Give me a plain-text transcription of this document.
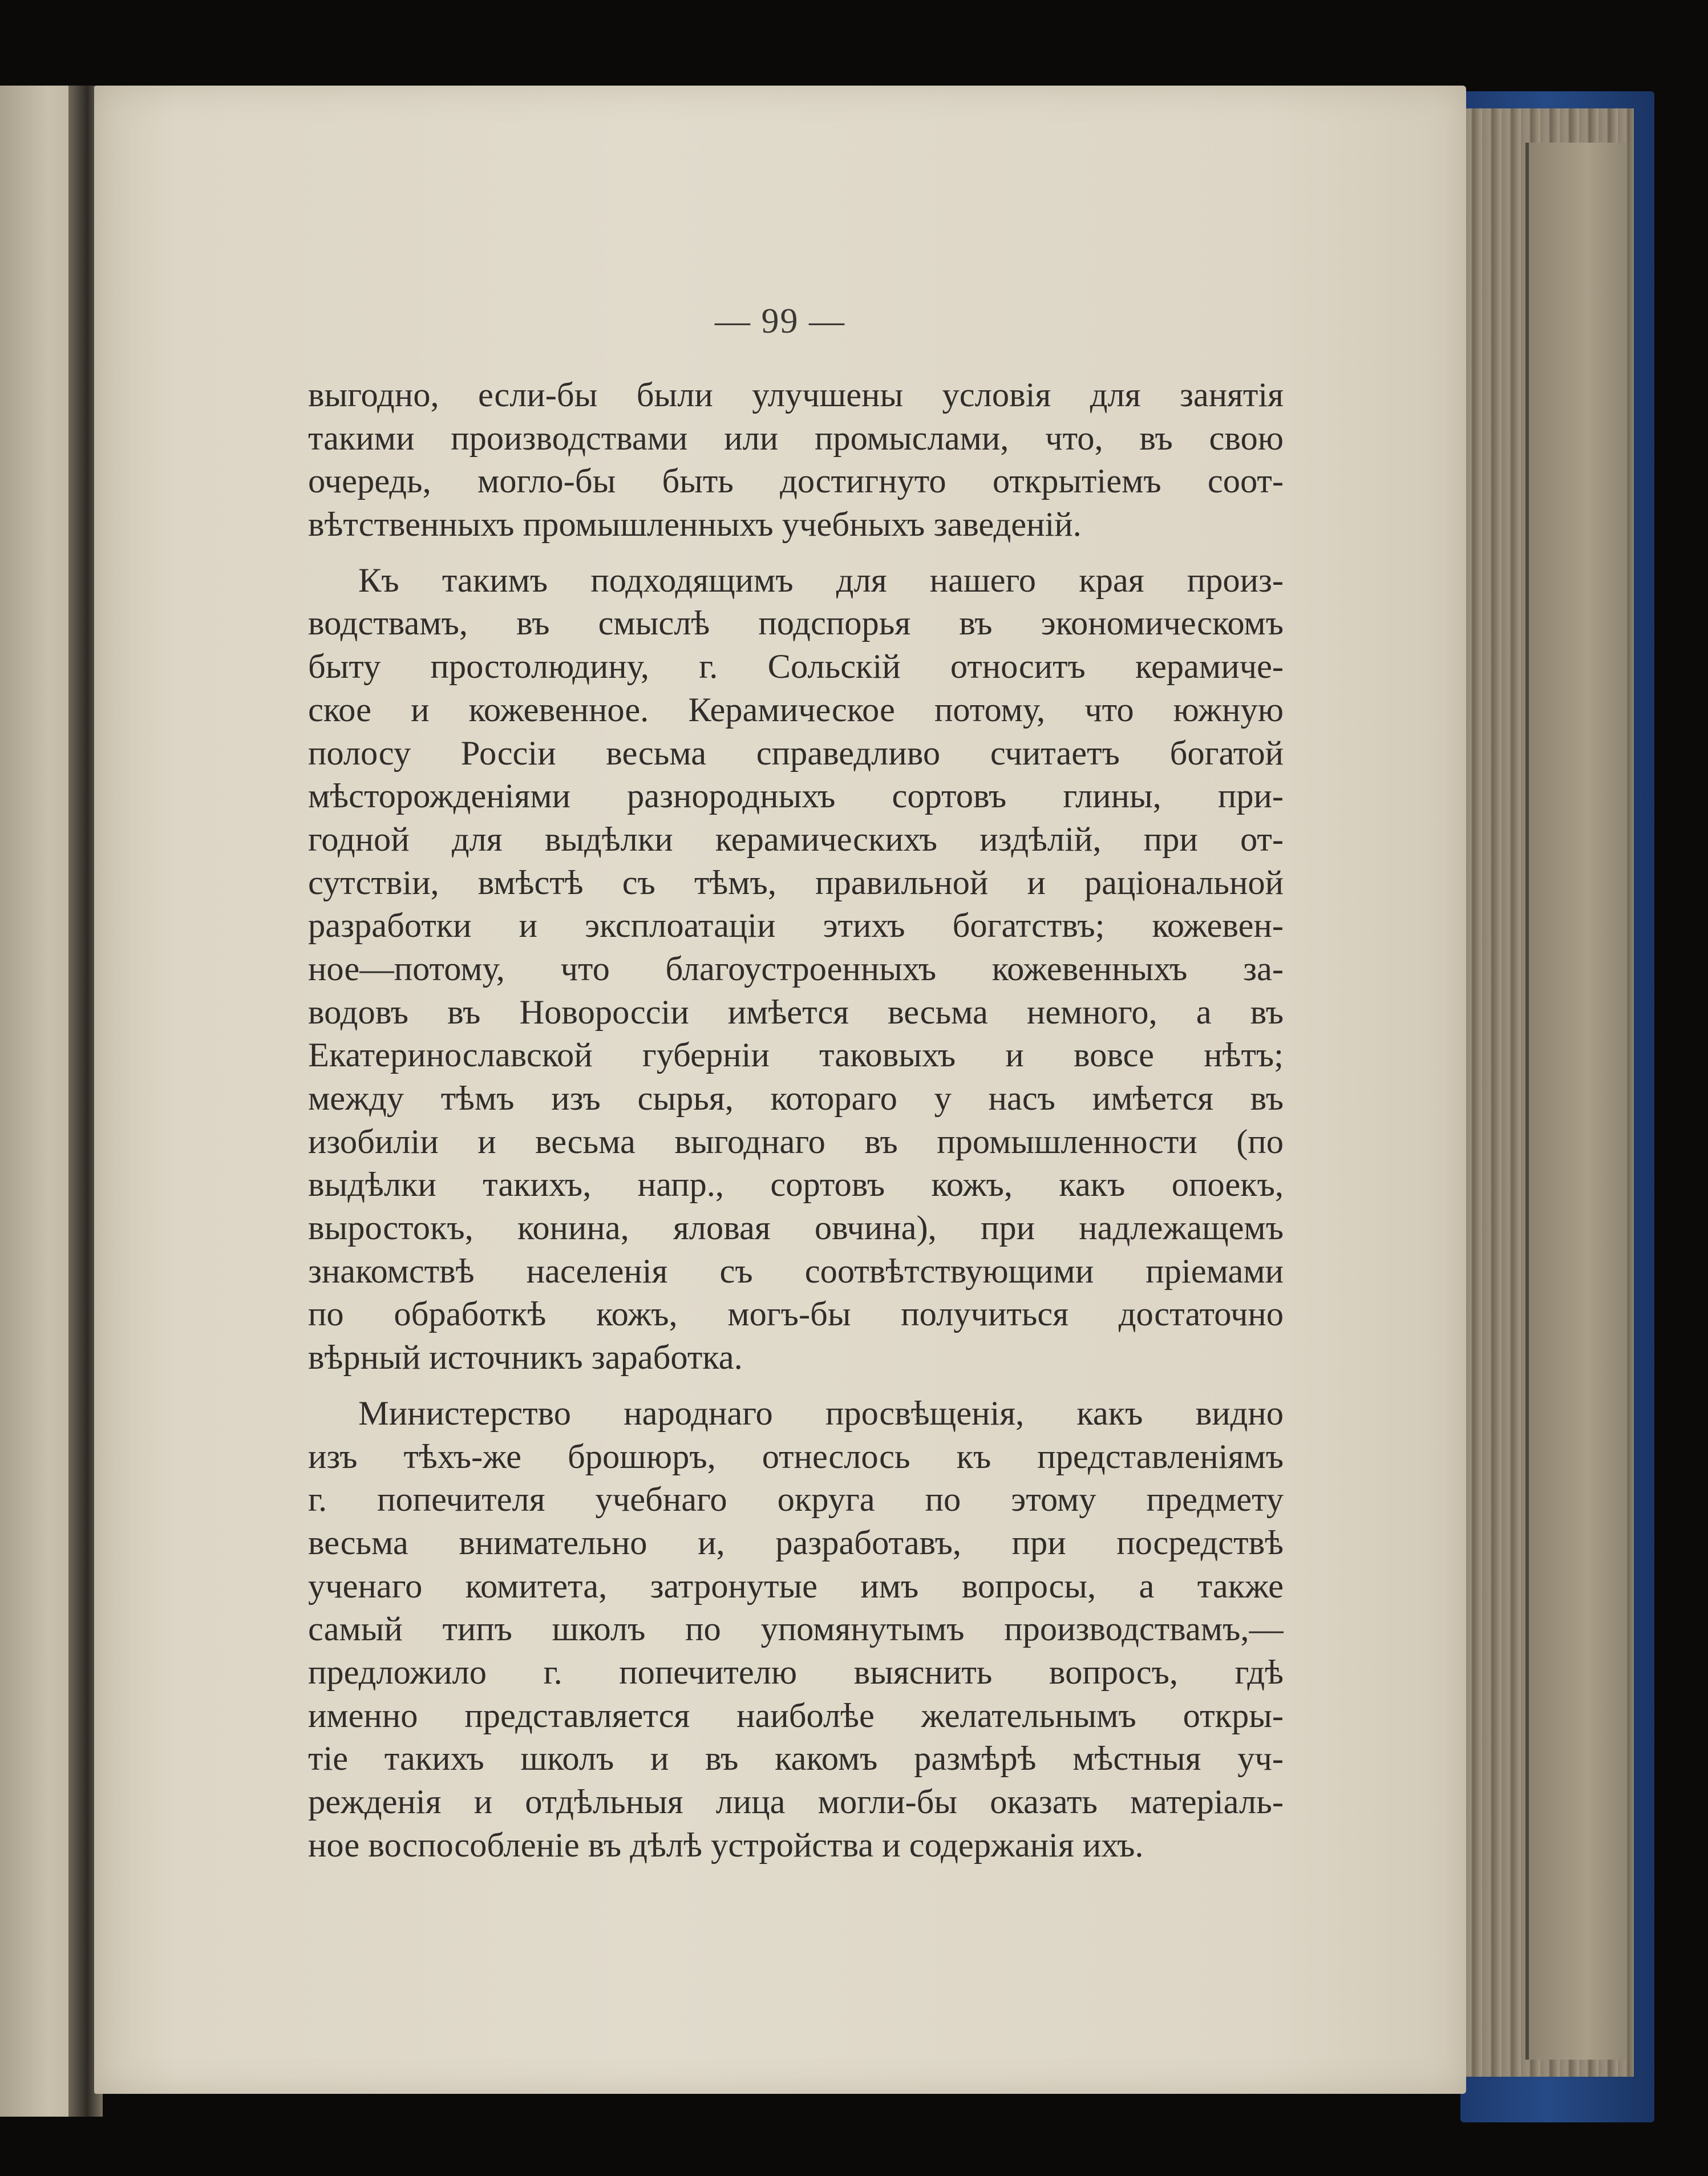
— 99 —
выгодно, если-бы были улучшены условія для занятія
такими производствами или промыслами, что, въ свою
очередь, могло-бы быть достигнуто открытіемъ соот-
вѣтственныхъ промышленныхъ учебныхъ заведеній.
Къ такимъ подходящимъ для нашего края произ-
водствамъ, въ смыслѣ подспорья въ экономическомъ
быту простолюдину, г. Сольскій относитъ керамиче-
ское и кожевенное. Керамическое потому, что южную
полосу Россіи весьма справедливо считаетъ богатой
мѣсторожденіями разнородныхъ сортовъ глины, при-
годной для выдѣлки керамическихъ издѣлій, при от-
сутствіи, вмѣстѣ съ тѣмъ, правильной и раціональной
разработки и эксплоатаціи этихъ богатствъ; кожевен-
ное—потому, что благоустроенныхъ кожевенныхъ за-
водовъ въ Новороссіи имѣется весьма немного, а въ
Екатеринославской губерніи таковыхъ и вовсе нѣтъ;
между тѣмъ изъ сырья, котораго у насъ имѣется въ
изобиліи и весьма выгоднаго въ промышленности (по
выдѣлки такихъ, напр., сортовъ кожъ, какъ опоекъ,
выростокъ, конина, яловая овчина), при надлежащемъ
знакомствѣ населенія съ соотвѣтствующими пріемами
по обработкѣ кожъ, могъ-бы получиться достаточно
вѣрный источникъ заработка.
Министерство народнаго просвѣщенія, какъ видно
изъ тѣхъ-же брошюръ, отнеслось къ представленіямъ
г. попечителя учебнаго округа по этому предмету
весьма внимательно и, разработавъ, при посредствѣ
ученаго комитета, затронутые имъ вопросы, а также
самый типъ школъ по упомянутымъ производствамъ,—
предложило г. попечителю выяснить вопросъ, гдѣ
именно представляется наиболѣе желательнымъ откры-
тіе такихъ школъ и въ какомъ размѣрѣ мѣстныя уч-
режденія и отдѣльныя лица могли-бы оказать матеріаль-
ное воспособленіе въ дѣлѣ устройства и содержанія ихъ.
